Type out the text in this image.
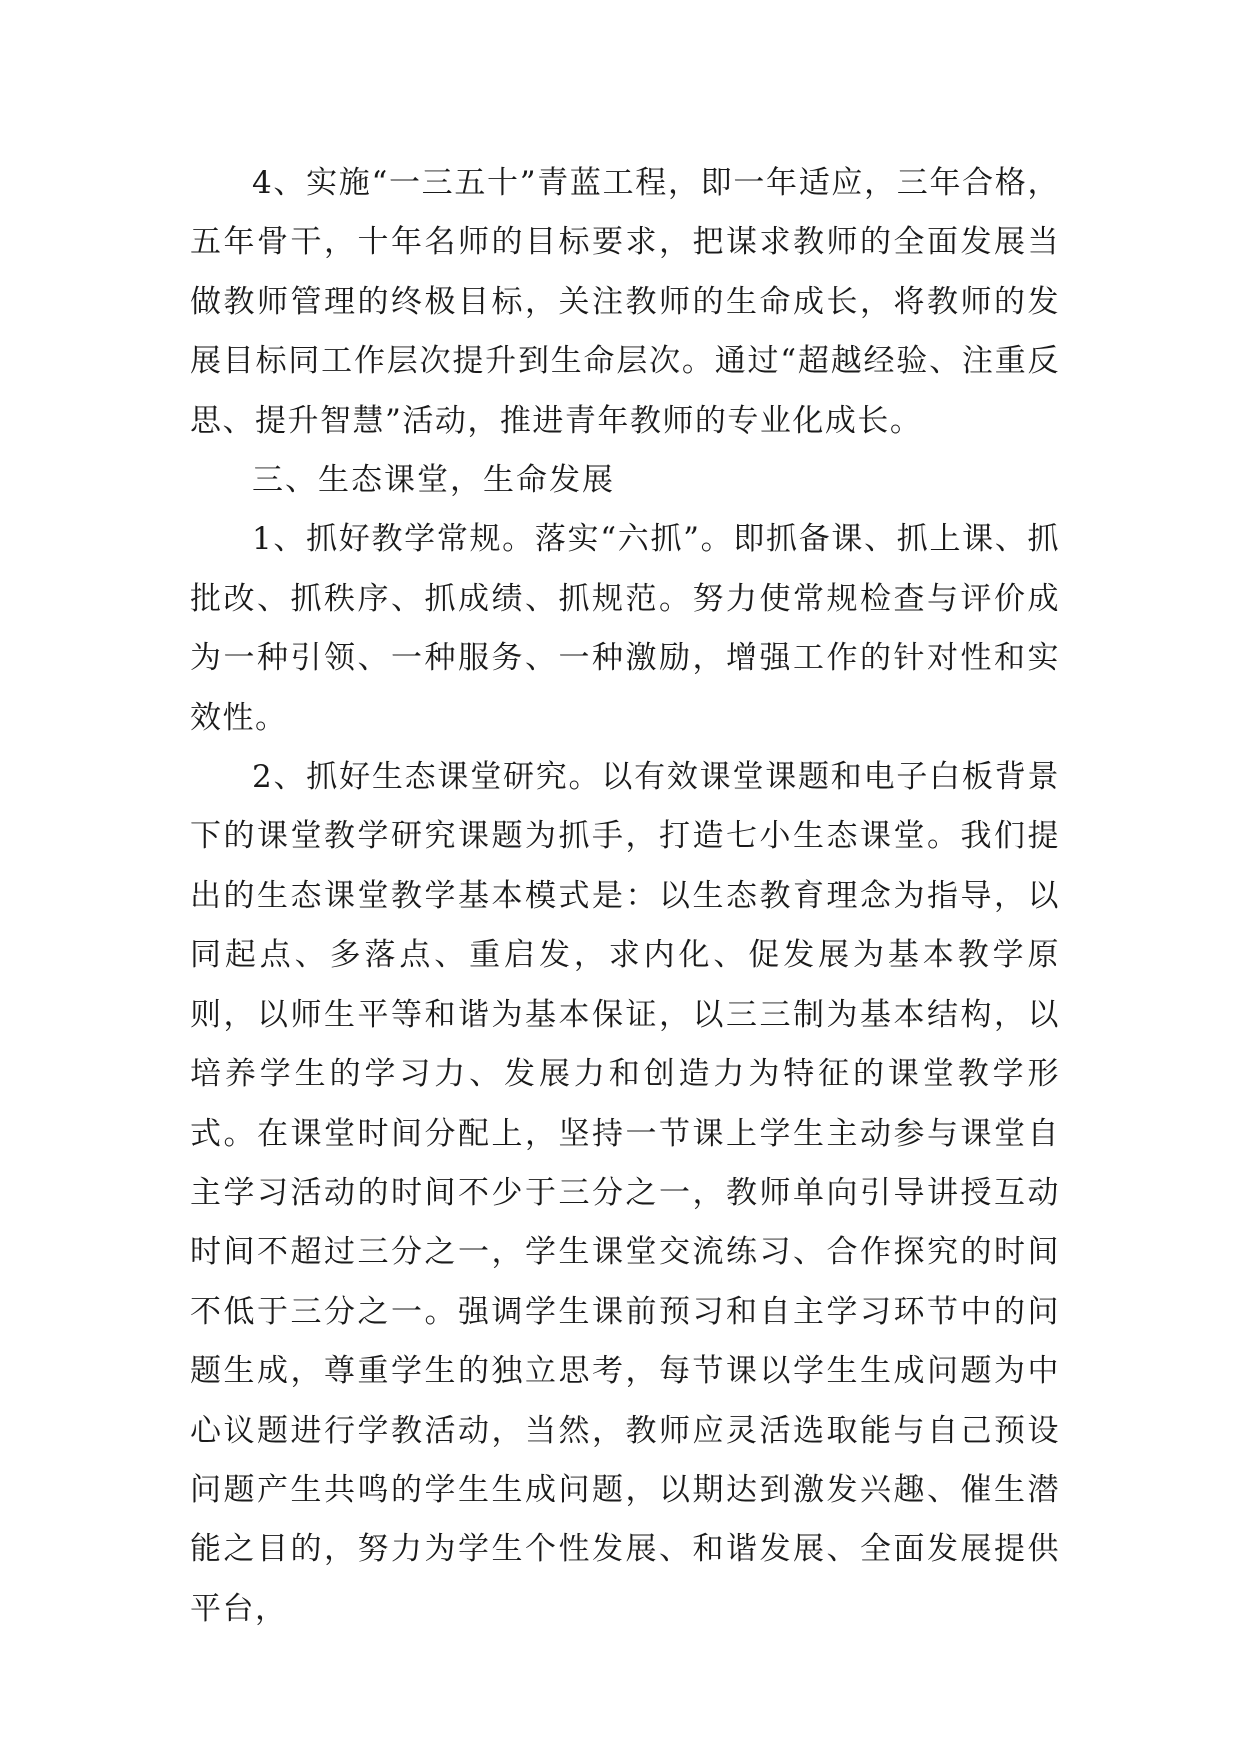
4、实施“一三五十”青蓝工程，即一年适应，三年合格，五年骨干，十年名师的目标要求，把谋求教师的全面发展当做教师管理的终极目标，关注教师的生命成长，将教师的发展目标同工作层次提升到生命层次。通过“超越经验、注重反思、提升智慧”活动，推进青年教师的专业化成长。

三、生态课堂，生命发展

1、抓好教学常规。落实“六抓”。即抓备课、抓上课、抓批改、抓秩序、抓成绩、抓规范。努力使常规检查与评价成为一种引领、一种服务、一种激励，增强工作的针对性和实效性。

2、抓好生态课堂研究。以有效课堂课题和电子白板背景下的课堂教学研究课题为抓手，打造七小生态课堂。我们提出的生态课堂教学基本模式是：以生态教育理念为指导，以同起点、多落点、重启发，求内化、促发展为基本教学原则，以师生平等和谐为基本保证，以三三制为基本结构，以培养学生的学习力、发展力和创造力为特征的课堂教学形式。在课堂时间分配上，坚持一节课上学生主动参与课堂自主学习活动的时间不少于三分之一，教师单向引导讲授互动时间不超过三分之一，学生课堂交流练习、合作探究的时间不低于三分之一。强调学生课前预习和自主学习环节中的问题生成，尊重学生的独立思考，每节课以学生生成问题为中心议题进行学教活动，当然，教师应灵活选取能与自己预设问题产生共鸣的学生生成问题，以期达到激发兴趣、催生潜能之目的，努力为学生个性发展、和谐发展、全面发展提供平台，
